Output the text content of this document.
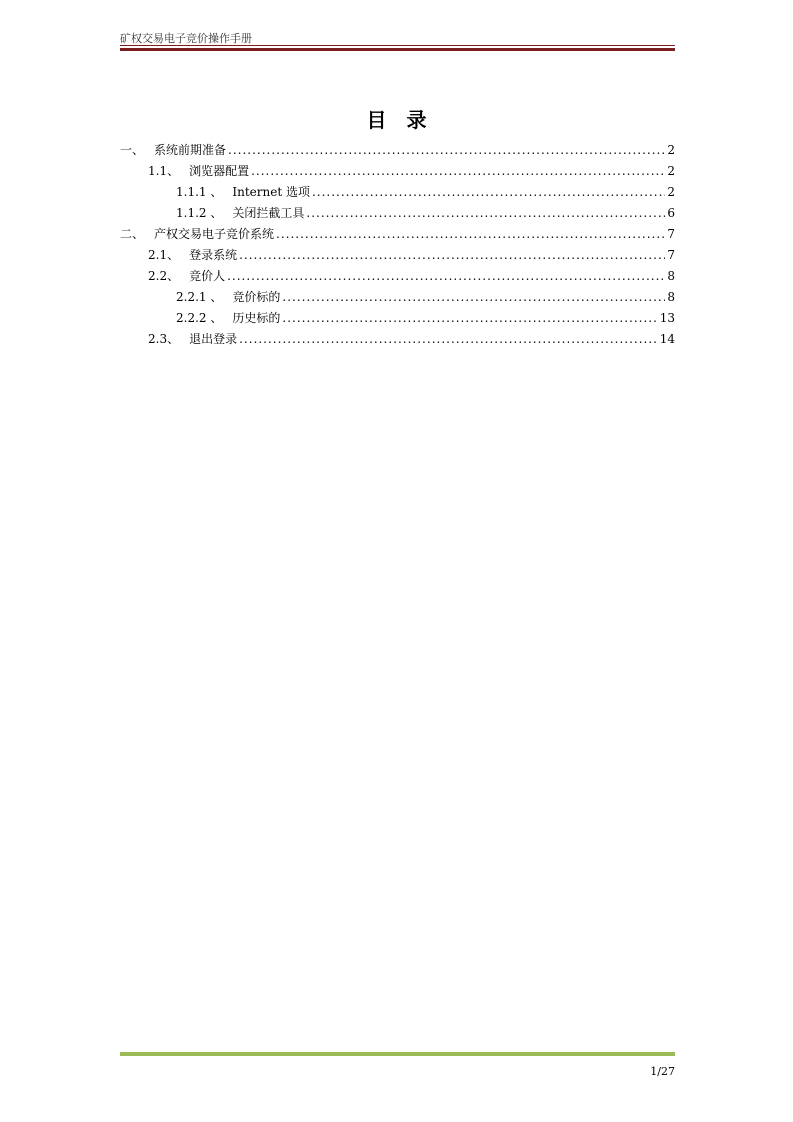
矿权交易电子竞价操作手册
目录
一、 系统前期准备 .....	2
1.1、 浏览器配置 .....	2
1.1.1 、 Internet 选项 .....	2
1.1.2 、 关闭拦截工具 .....	6
二、 产权交易电子竞价系统 .....	7
2.1、 登录系统 .....	7
2.2、 竞价人 .....	8
2.2.1 、 竞价标的 .....	8
2.2.2 、 历史标的 .....	13
2.3、 退出登录 .....	14
1/27
